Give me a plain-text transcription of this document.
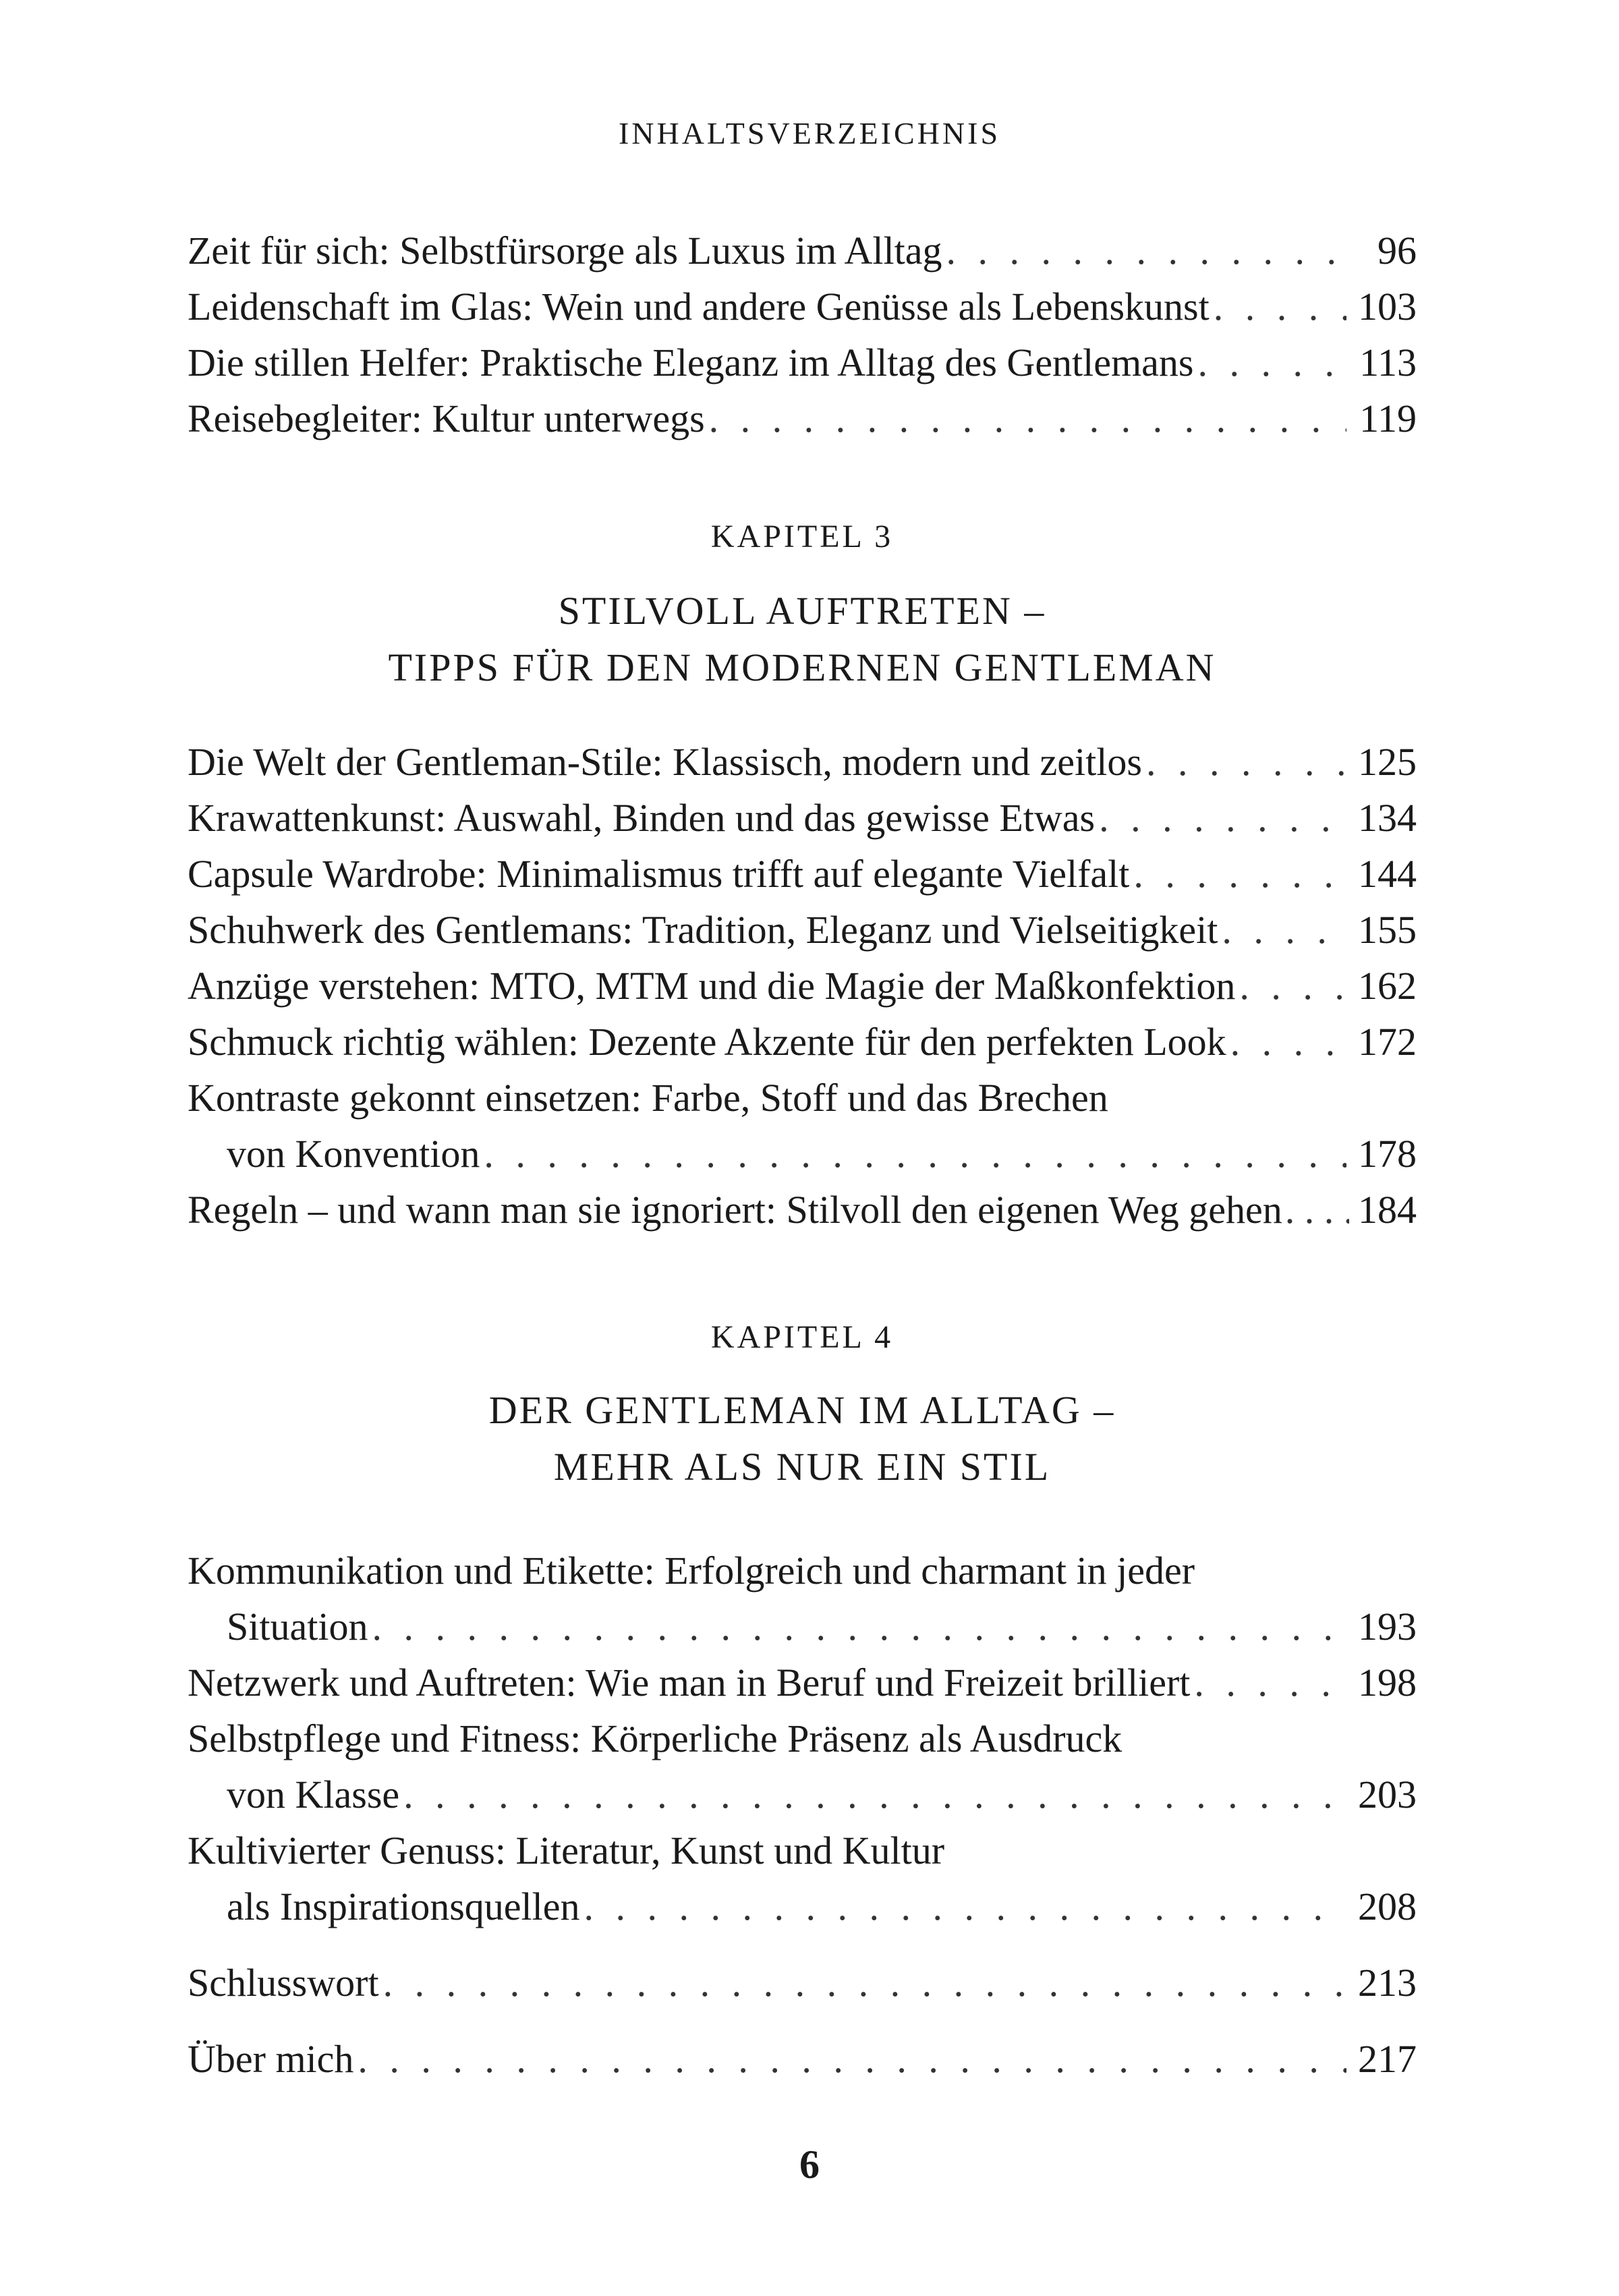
INHALTSVERZEICHNIS
Zeit für sich: Selbstfürsorge als Luxus im Alltag . . .	96
Leidenschaft im Glas: Wein und andere Genüsse als Lebenskunst . . .	103
Die stillen Helfer: Praktische Eleganz im Alltag des Gentlemans . . .	113
Reisebegleiter: Kultur unterwegs . . .	119
KAPITEL 3
STILVOLL AUFTRETEN –
TIPPS FÜR DEN MODERNEN GENTLEMAN
Die Welt der Gentleman-Stile: Klassisch, modern und zeitlos . . .	125
Krawattenkunst: Auswahl, Binden und das gewisse Etwas . . .	134
Capsule Wardrobe: Minimalismus trifft auf elegante Vielfalt . . .	144
Schuhwerk des Gentlemans: Tradition, Eleganz und Vielseitigkeit . . .	155
Anzüge verstehen: MTO, MTM und die Magie der Maßkonfektion . . .	162
Schmuck richtig wählen: Dezente Akzente für den perfekten Look . . .	172
Kontraste gekonnt einsetzen: Farbe, Stoff und das Brechen
von Konvention . . .	178
Regeln – und wann man sie ignoriert: Stilvoll den eigenen Weg gehen . . . 184
KAPITEL 4
DER GENTLEMAN IM ALLTAG –
MEHR ALS NUR EIN STIL
Kommunikation und Etikette: Erfolgreich und charmant in jeder
Situation . . .	193
Netzwerk und Auftreten: Wie man in Beruf und Freizeit brilliert . . .	198
Selbstpflege und Fitness: Körperliche Präsenz als Ausdruck
von Klasse . . .	203
Kultivierter Genuss: Literatur, Kunst und Kultur
als Inspirationsquellen . . .	208
Schlusswort . . .	213
Über mich . . .	217
6
